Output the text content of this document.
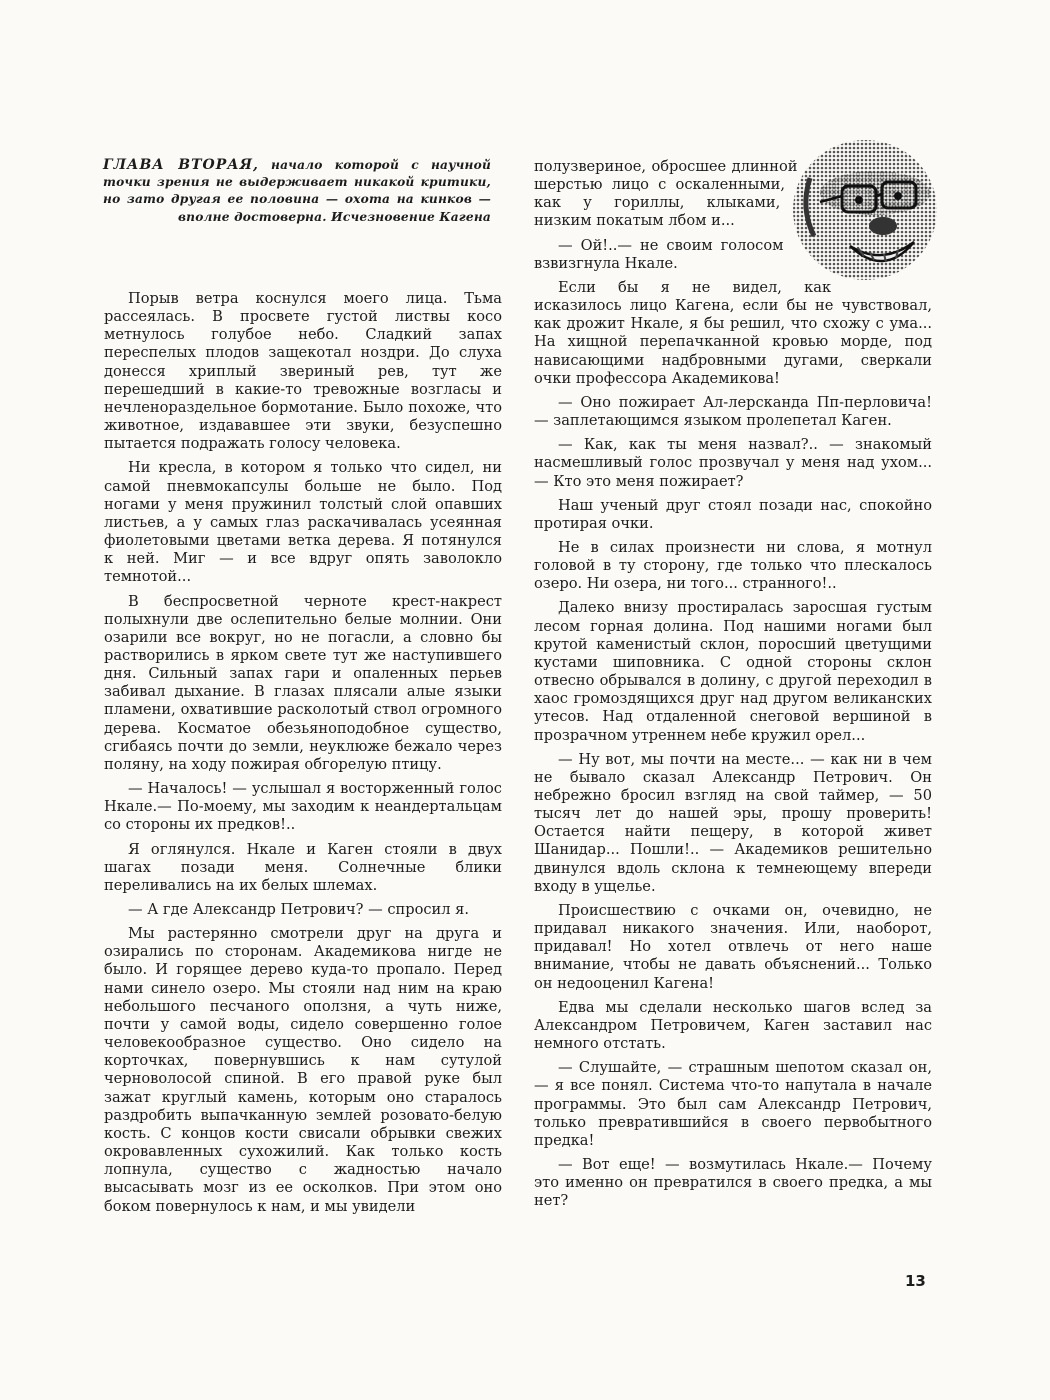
ГЛАВА ВТОРАЯ, начало которой с научной точки зрения не выдерживает никакой критики, но зато другая ее половина — охота на кинков — вполне достоверна. Исчезновение Кагена

Порыв ветра коснулся моего лица. Тьма рассеялась. В просвете густой листвы косо метнулось голубое небо. Сладкий запах переспелых плодов защекотал ноздри. До слуха донесся хриплый звериный рев, тут же перешедший в какие-то тревожные возгласы и нечленораздельное бормотание. Было похоже, что животное, издававшее эти звуки, безуспешно пытается подражать голосу человека.

Ни кресла, в котором я только что сидел, ни самой пневмокапсулы больше не было. Под ногами у меня пружинил толстый слой опавших листьев, а у самых глаз раскачивалась усеянная фиолетовыми цветами ветка дерева. Я потянулся к ней. Миг — и все вдруг опять заволокло темнотой...

В беспросветной черноте крест-накрест полыхнули две ослепительно белые молнии. Они озарили все вокруг, но не погасли, а словно бы растворились в ярком свете тут же наступившего дня. Сильный запах гари и опаленных перьев забивал дыхание. В глазах плясали алые языки пламени, охватившие расколотый ствол огромного дерева. Косматое обезьяноподобное существо, сгибаясь почти до земли, неуклюже бежало через поляну, на ходу пожирая обгорелую птицу.

— Началось! — услышал я восторженный голос Нкале.— По-моему, мы заходим к неандертальцам со стороны их предков!..

Я оглянулся. Нкале и Каген стояли в двух шагах позади меня. Солнечные блики переливались на их белых шлемах.

— А где Александр Петрович? — спросил я.

Мы растерянно смотрели друг на друга и озирались по сторонам. Академикова нигде не было. И горящее дерево куда-то пропало. Перед нами синело озеро. Мы стояли над ним на краю небольшого песчаного оползня, а чуть ниже, почти у самой воды, сидело совершенно голое человекообразное существо. Оно сидело на корточках, повернувшись к нам сутулой черноволосой спиной. В его правой руке был зажат круглый камень, которым оно старалось раздробить выпачканную землей розовато-белую кость. С концов кости свисали обрывки свежих окровавленных сухожилий. Как только кость лопнула, существо с жадностью начало высасывать мозг из ее осколков. При этом оно боком повернулось к нам, и мы увидели

полузвериное, обросшее длинной шерстью лицо с оскаленными, как у гориллы, клыками, низким покатым лбом и...

— Ой!..— не своим голосом взвизгнула Нкале.

Если бы я не видел, как исказилось лицо Кагена, если бы не чувствовал, как дрожит Нкале, я бы решил, что схожу с ума... На хищной перепачканной кровью морде, под нависающими надбровными дугами, сверкали очки профессора Академикова!

— Оно пожирает Ал-лерсканда Пп-перловича! — заплетающимся языком пролепетал Каген.

— Как, как ты меня назвал?.. — знакомый насмешливый голос прозвучал у меня над ухом...— Кто это меня пожирает?

Наш ученый друг стоял позади нас, спокойно протирая очки.

Не в силах произнести ни слова, я мотнул головой в ту сторону, где только что плескалось озеро. Ни озера, ни того... странного!..

Далеко внизу простиралась заросшая густым лесом горная долина. Под нашими ногами был крутой каменистый склон, поросший цветущими кустами шиповника. С одной стороны склон отвесно обрывался в долину, с другой переходил в хаос громоздящихся друг над другом великанских утесов. Над отдаленной снеговой вершиной в прозрачном утреннем небе кружил орел...

— Ну вот, мы почти на месте... — как ни в чем не бывало сказал Александр Петрович. Он небрежно бросил взгляд на свой таймер, — 50 тысяч лет до нашей эры, прошу проверить! Остается найти пещеру, в которой живет Шанидар... Пошли!.. — Академиков решительно двинулся вдоль склона к темнеющему впереди входу в ущелье.

Происшествию с очками он, очевидно, не придавал никакого значения. Или, наоборот, придавал! Но хотел отвлечь от него наше внимание, чтобы не давать объяснений... Только он недооценил Кагена!

Едва мы сделали несколько шагов вслед за Александром Петровичем, Каген заставил нас немного отстать.

— Слушайте, — страшным шепотом сказал он,— я все понял. Система что-то напутала в начале программы. Это был сам Александр Петрович, только превратившийся в своего первобытного предка!

— Вот еще! — возмутилась Нкале.— Почему это именно он превратился в своего предка, а мы нет?

13
